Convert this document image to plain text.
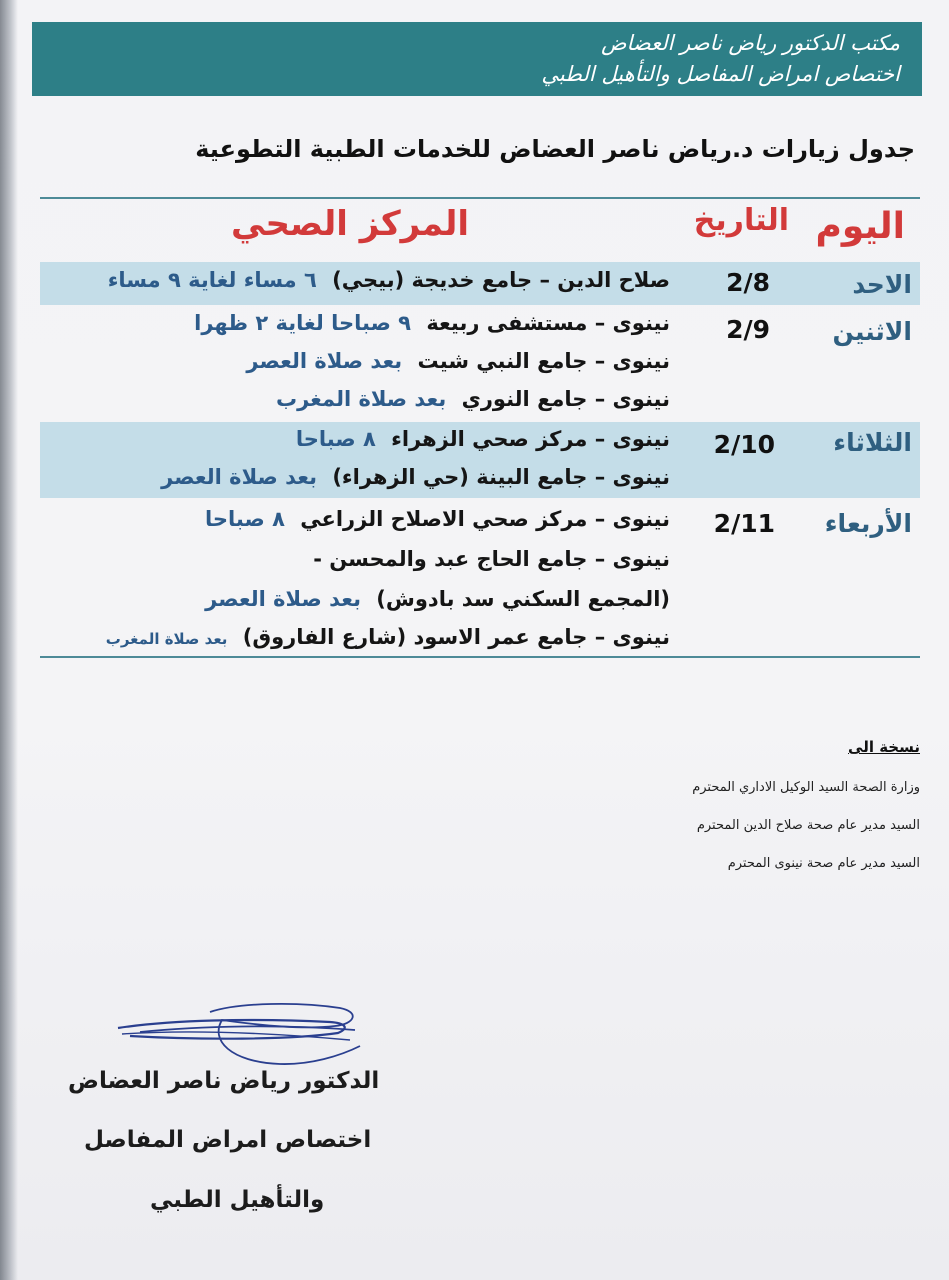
مكتب الدكتور رياض ناصر العضاض
اختصاص امراض المفاصل والتأهيل الطبي
جدول زيارات د.رياض ناصر العضاض للخدمات الطبية التطوعية
اليوم
التاريخ
المركز الصحي
الاحد
2/8
صلاح الدين – جامع خديجة (بيجي) ٦ مساء لغاية ٩ مساء
الاثنين
2/9
نينوى – مستشفى ربيعة ٩ صباحا لغاية ٢ ظهرا
نينوى – جامع النبي شيت بعد صلاة العصر
نينوى – جامع النوري بعد صلاة المغرب
الثلاثاء
2/10
نينوى – مركز صحي الزهراء ٨ صباحا
نينوى – جامع البينة (حي الزهراء) بعد صلاة العصر
الأربعاء
2/11
نينوى – مركز صحي الاصلاح الزراعي ٨ صباحا
نينوى – جامع الحاج عبد والمحسن -
(المجمع السكني سد بادوش) بعد صلاة العصر
نينوى – جامع عمر الاسود (شارع الفاروق) بعد صلاة المغرب
نسخة الى
وزارة الصحة السيد الوكيل الاداري المحترم
السيد مدير عام صحة صلاح الدين المحترم
السيد مدير عام صحة نينوى المحترم
الدكتور رياض ناصر العضاض
اختصاص امراض المفاصل
والتأهيل الطبي
